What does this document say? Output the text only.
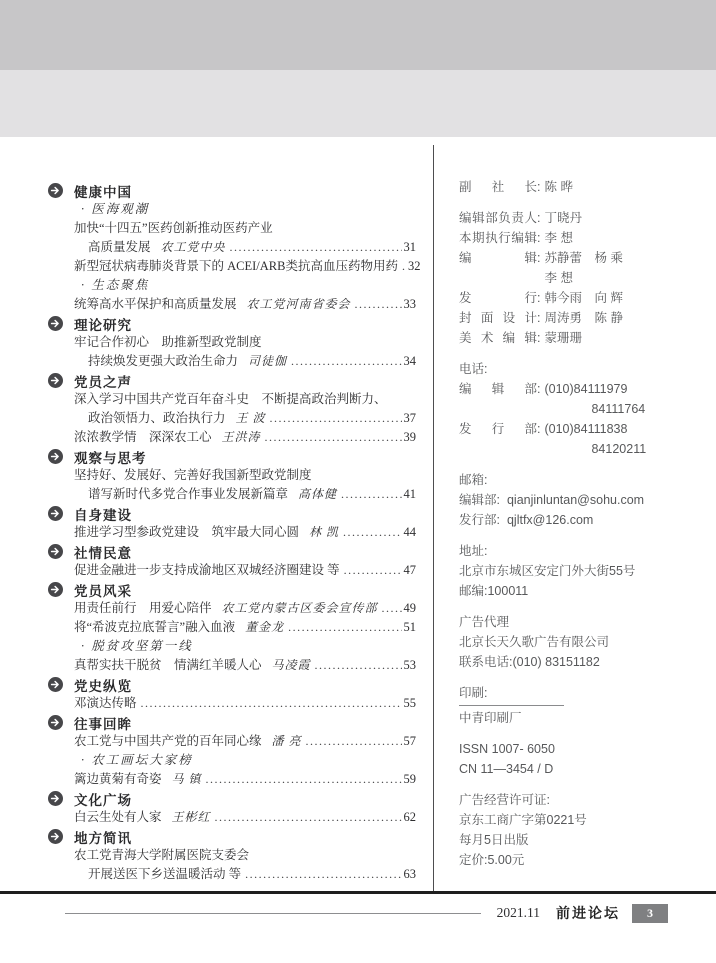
健康中国
· 医海观潮
加快“十四五”医药创新推动医药产业
高质量发展 农工党中央 .....	31
新型冠状病毒肺炎背景下的 ACEI/ARB类抗高血压药物用药 ..... 32
· 生态聚焦
统筹高水平保护和高质量发展 农工党河南省委会 .....	33
理论研究
牢记合作初心　助推新型政党制度
持续焕发更强大政治生命力 司徒伽 .....	34
党员之声
深入学习中国共产党百年奋斗史　不断提高政治判断力、
政治领悟力、政治执行力 王 波 .....	37
浓浓教学情　深深农工心 王洪涛 .....	39
观察与思考
坚持好、发展好、完善好我国新型政党制度
谱写新时代多党合作事业发展新篇章 高体健 .....	41
自身建设
推进学习型参政党建设　筑牢最大同心圆 林 凯 .....	44
社情民意
促进金融进一步支持成渝地区双城经济圈建设 等 .....	47
党员风采
用责任前行　用爱心陪伴 农工党内蒙古区委会宣传部 ..... 49
将“希波克拉底誓言”融入血液 董金龙 .....	51
· 脱贫攻坚第一线
真帮实扶干脱贫　情满红羊暖人心 马凌霞 .....	53
党史纵览
邓演达传略 .....	55
往事回眸
农工党与中国共产党的百年同心缘 潘 亮 .....	57
· 农工画坛大家榜
篱边黄菊有奇姿 马 镇 .....	59
文化广场
白云生处有人家 王彬红 .....	62
地方简讯
农工党青海大学附属医院支委会
开展送医下乡送温暖活动 等 .....	63
副社长 : 陈 晔
编辑部负责人 : 丁晓丹
本期执行编辑 : 李 想
编辑 : 苏静蕾　杨 乘
李 想
发行 : 韩今雨　向 辉
封面设计 : 周涛勇　陈 静
美术编辑 : 蒙珊珊
电话:
编辑部 : (010)84111979
84111764
发行部 : (010)84111838
84120211
邮箱:
编辑部: qianjinluntan@sohu.com
发行部: qjltfx@126.com
地址:
北京市东城区安定门外大街55号
邮编:100011
广告代理
北京长天久歌广告有限公司
联系电话:(010) 83151182
印刷:
中青印刷厂
ISSN 1007- 6050
CN 11—3454 / D
广告经营许可证:
京东工商广字第0221号
每月5日出版
定价:5.00元
2021.11 前进论坛	3
